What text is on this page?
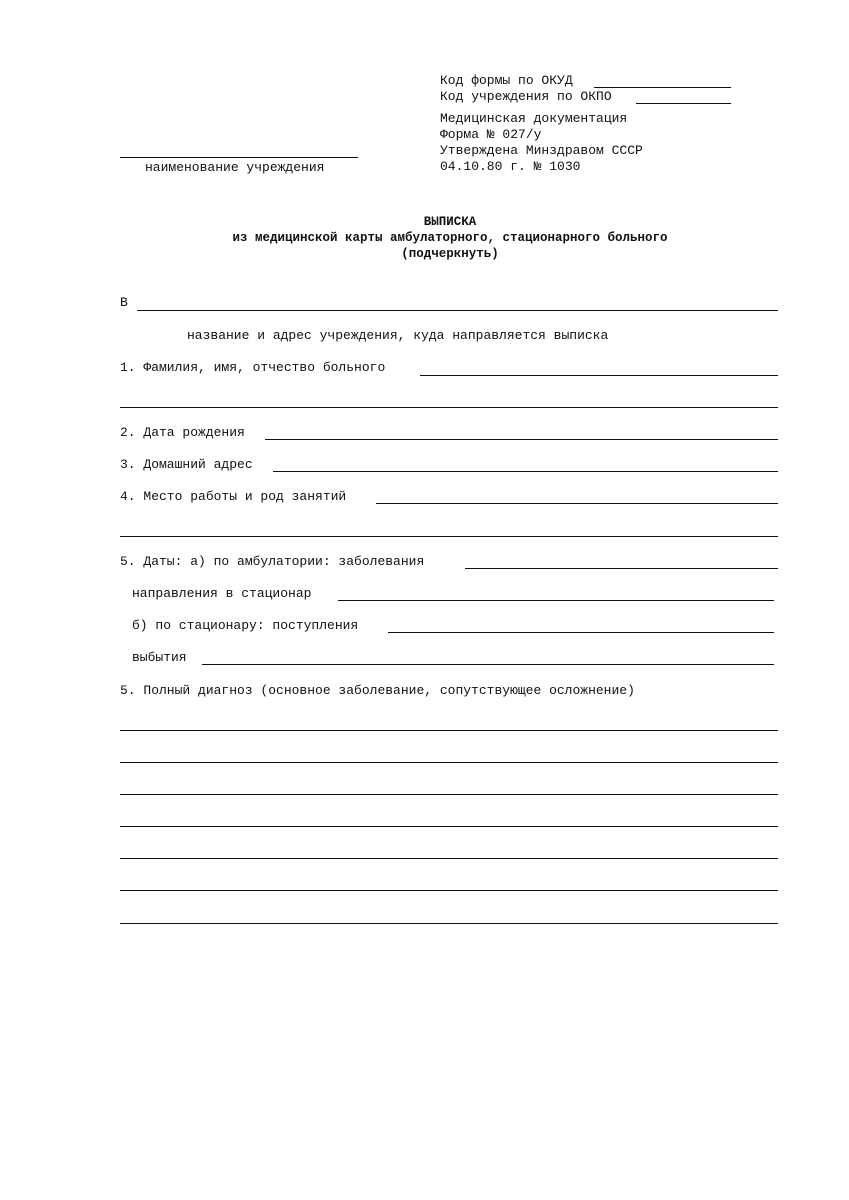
Код формы по ОКУД
Код учреждения по ОКПО
Медицинская документация
Форма № 027/у
Утверждена Минздравом СССР
04.10.80 г. № 1030
наименование учреждения
ВЫПИСКА
из медицинской карты амбулаторного, стационарного больного
(подчеркнуть)
В
название и адрес учреждения, куда направляется выписка
1. Фамилия, имя, отчество больного
2. Дата рождения
3. Домашний адрес
4. Место работы и род занятий
5. Даты: а) по амбулатории: заболевания
направления в стационар
б) по стационару: поступления
выбытия
5. Полный диагноз (основное заболевание, сопутствующее осложнение)
